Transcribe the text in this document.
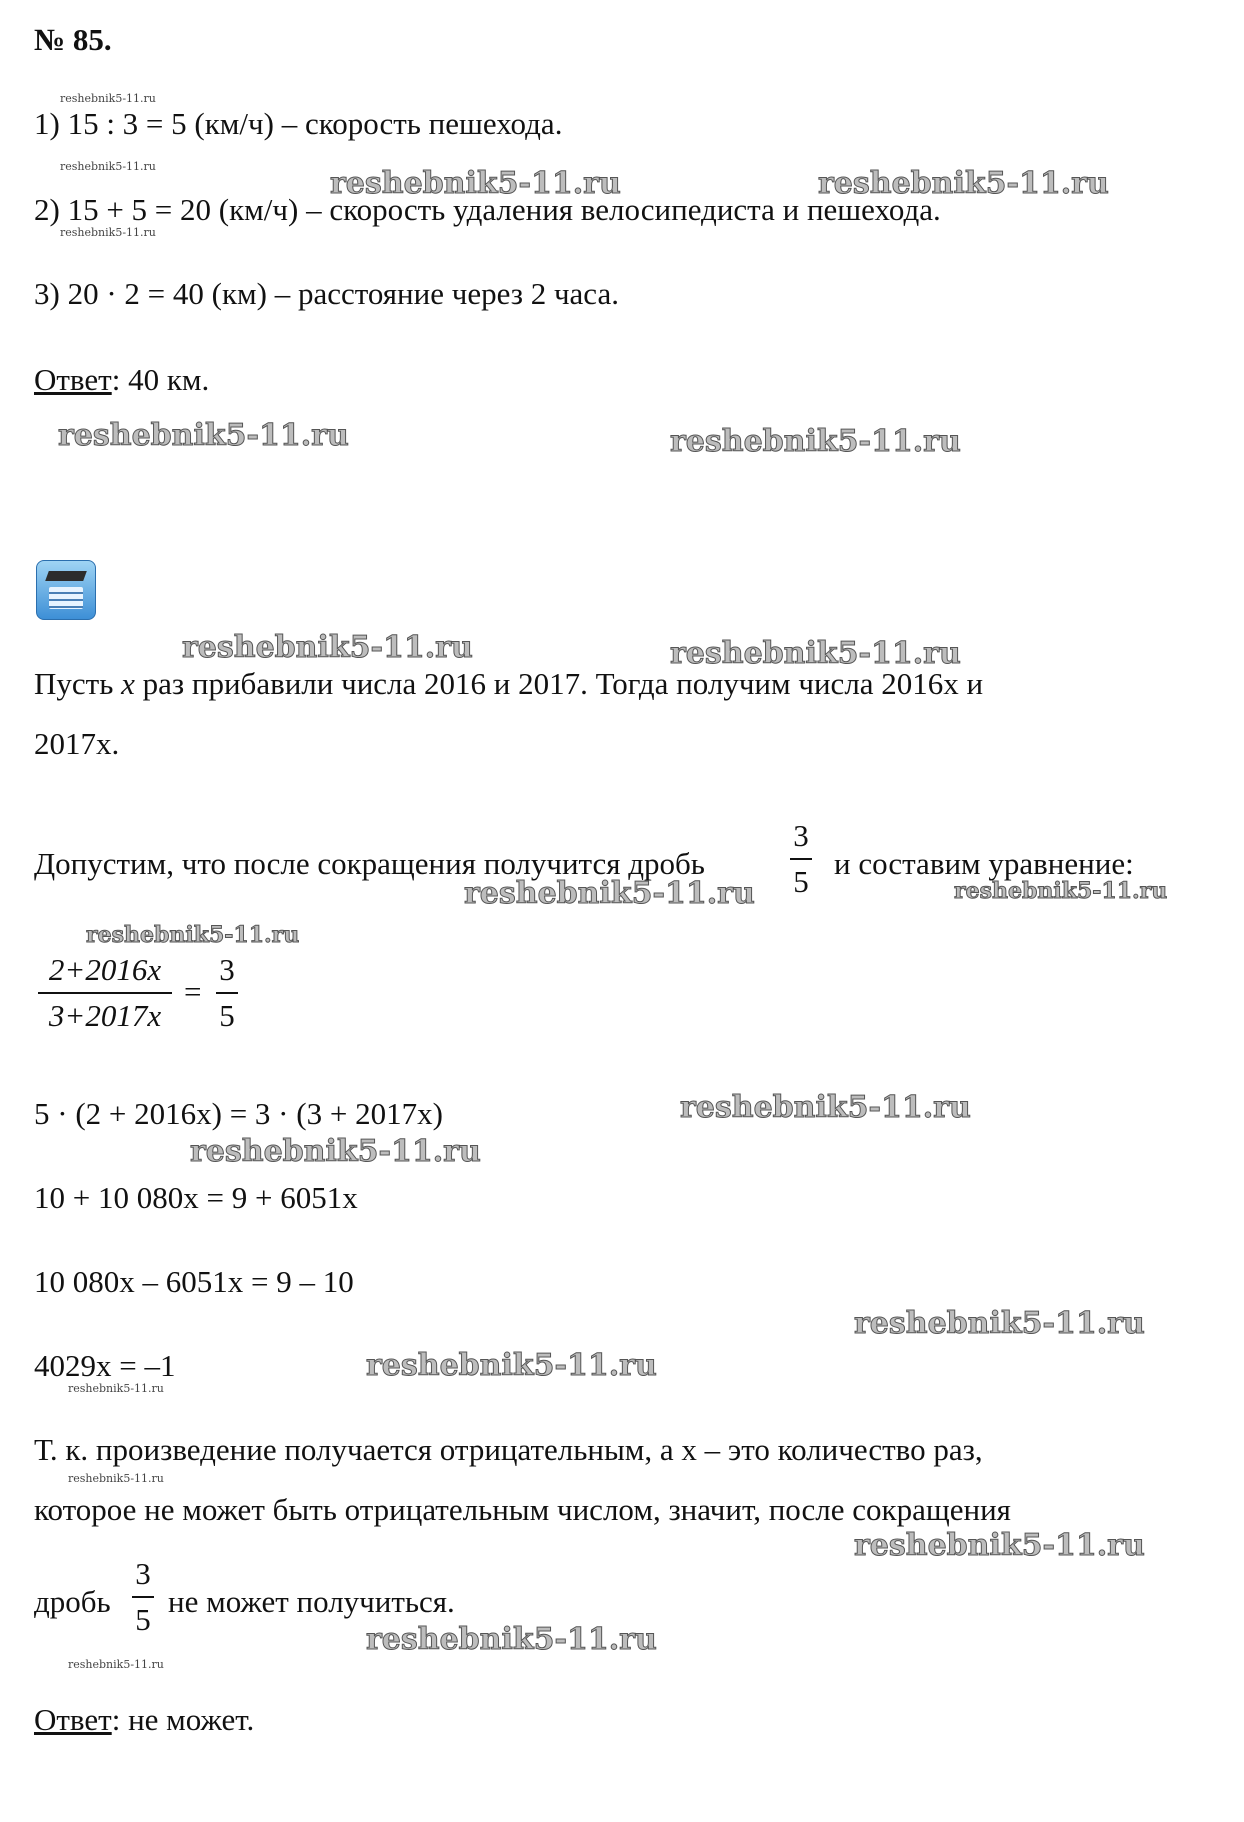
№ 85.
1) 15 : 3 = 5 (км/ч) – скорость пешехода.
2) 15 + 5 = 20 (км/ч) – скорость удаления велосипедиста и пешехода.
3) 20 · 2 = 40 (км) – расстояние через 2 часа.
Ответ: 40 км.
Пусть x раз прибавили числа 2016 и 2017. Тогда получим числа 2016x и
2017x.
Допустим, что после сокращения получится дробь
3
5
и составим уравнение:
2+2016x
3+2017x
=
3
5
5 · (2 + 2016x) = 3 · (3 + 2017x)
10 + 10 080x = 9 + 6051x
10 080x – 6051x = 9 – 10
4029x = –1
Т. к. произведение получается отрицательным, а x – это количество раз,
которое не может быть отрицательным числом, значит, после сокращения
дробь
3
5
не может получиться.
Ответ: не может.
reshebnik5-11.ru	reshebnik5-11.ru
reshebnik5-11.ru	reshebnik5-11.ru
reshebnik5-11.ru	reshebnik5-11.ru
reshebnik5-11.ru	reshebnik5-11.ru
reshebnik5-11.ru
reshebnik5-11.ru
reshebnik5-11.ru
reshebnik5-11.ru
reshebnik5-11.ru
reshebnik5-11.ru
reshebnik5-11.ru
reshebnik5-11.ru
reshebnik5-11.ru
reshebnik5-11.ru
reshebnik5-11.ru
reshebnik5-11.ru
reshebnik5-11.ru
